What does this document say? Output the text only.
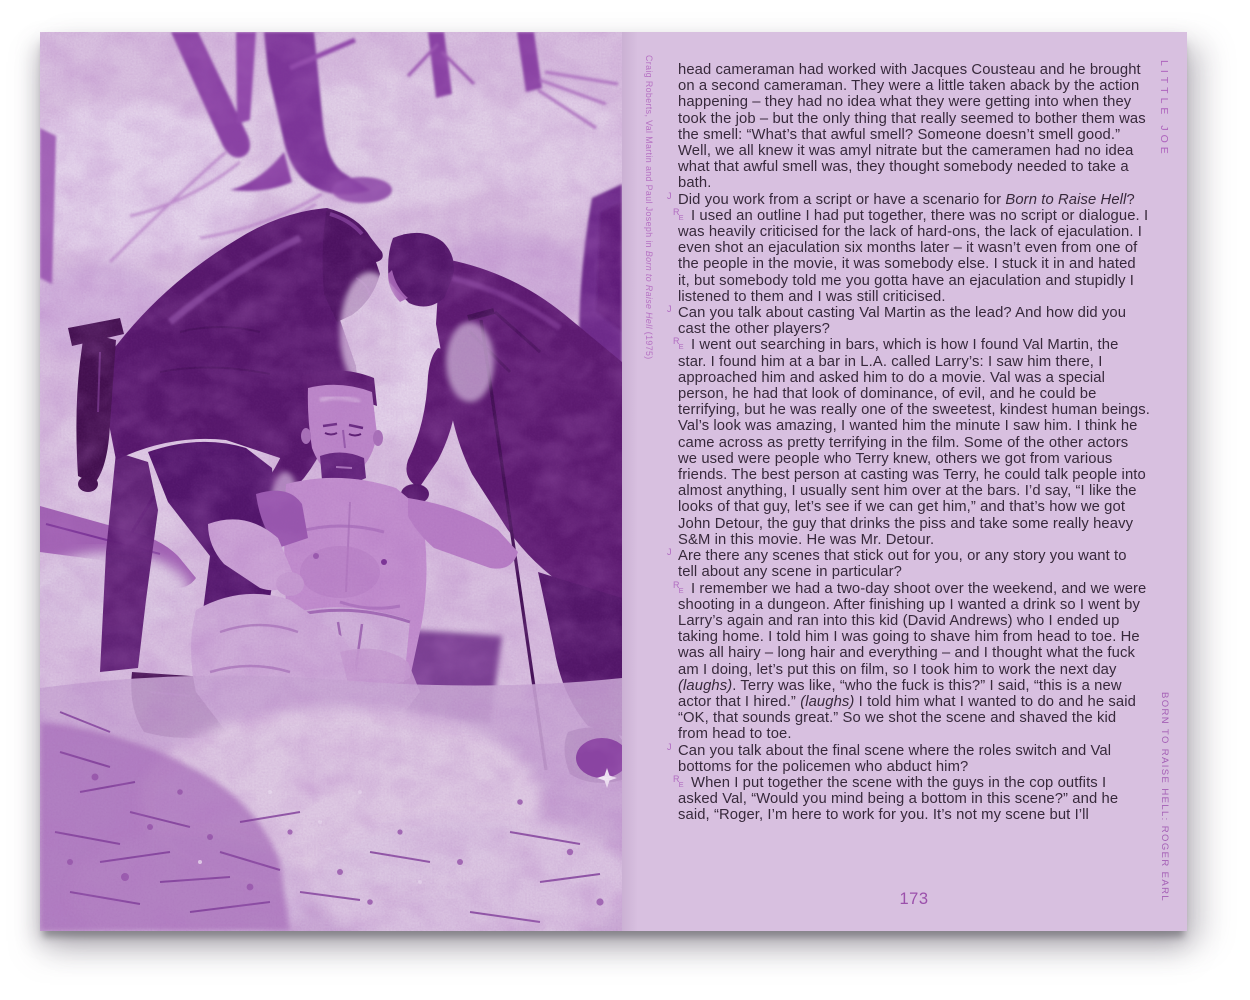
Craig Roberts, Val Martin and Paul Joseph in Born to Raise Hell (1975)
LITTLE JOE

head cameraman had worked with Jacques Cousteau and he brought on a second cameraman. They were a little taken aback by the action happening – they had no idea what they were getting into when they took the job – but the only thing that really seemed to bother them was the smell: “What’s that awful smell? Someone doesn’t smell good.” Well, we all knew it was amyl nitrate but the cameramen had no idea what that awful smell was, they thought somebody needed to take a bath.

$^J$ Did you work from a script or have a scenario for Born to Raise Hell?

$^R$E I used an outline I had put together, there was no script or dialogue. I was heavily criticised for the lack of hard-ons, the lack of ejaculation. I even shot an ejaculation six months later – it wasn’t even from one of the people in the movie, it was somebody else. I stuck it in and hated it, but somebody told me you gotta have an ejaculation and stupidly I listened to them and I was still criticised.

$^J$ Can you talk about casting Val Martin as the lead? And how did you cast the other players?

$^R$E I went out searching in bars, which is how I found Val Martin, the star. I found him at a bar in L.A. called Larry’s: I saw him there, I approached him and asked him to do a movie. Val was a special person, he had that look of dominance, of evil, and he could be terrifying, but he was really one of the sweetest, kindest human beings. Val’s look was amazing, I wanted him the minute I saw him. I think he came across as pretty terrifying in the film. Some of the other actors we used were people who Terry knew, others we got from various friends. The best person at casting was Terry, he could talk people into almost anything, I usually sent him over at the bars. I’d say, “I like the looks of that guy, let’s see if we can get him,” and that’s how we got John Detour, the guy that drinks the piss and take some really heavy S&M in this movie. He was Mr. Detour.

$^J$ Are there any scenes that stick out for you, or any story you want to tell about any scene in particular?

$^R$E I remember we had a two-day shoot over the weekend, and we were shooting in a dungeon. After finishing up I wanted a drink so I went by Larry’s again and ran into this kid (David Andrews) who I ended up taking home. I told him I was going to shave him from head to toe. He was all hairy – long hair and everything – and I thought what the fuck am I doing, let’s put this on film, so I took him to work the next day (laughs). Terry was like, “who the fuck is this?” I said, “this is a new actor that I hired.” (laughs) I told him what I wanted to do and he said “OK, that sounds great.” So we shot the scene and shaved the kid from head to toe.

$^J$ Can you talk about the final scene where the roles switch and Val bottoms for the policemen who abduct him?

$^R$E When I put together the scene with the guys in the cop outfits I asked Val, “Would you mind being a bottom in this scene?” and he said, “Roger, I’m here to work for you. It’s not my scene but I’ll

173	BORN TO RAISE HELL: ROGER EARL
